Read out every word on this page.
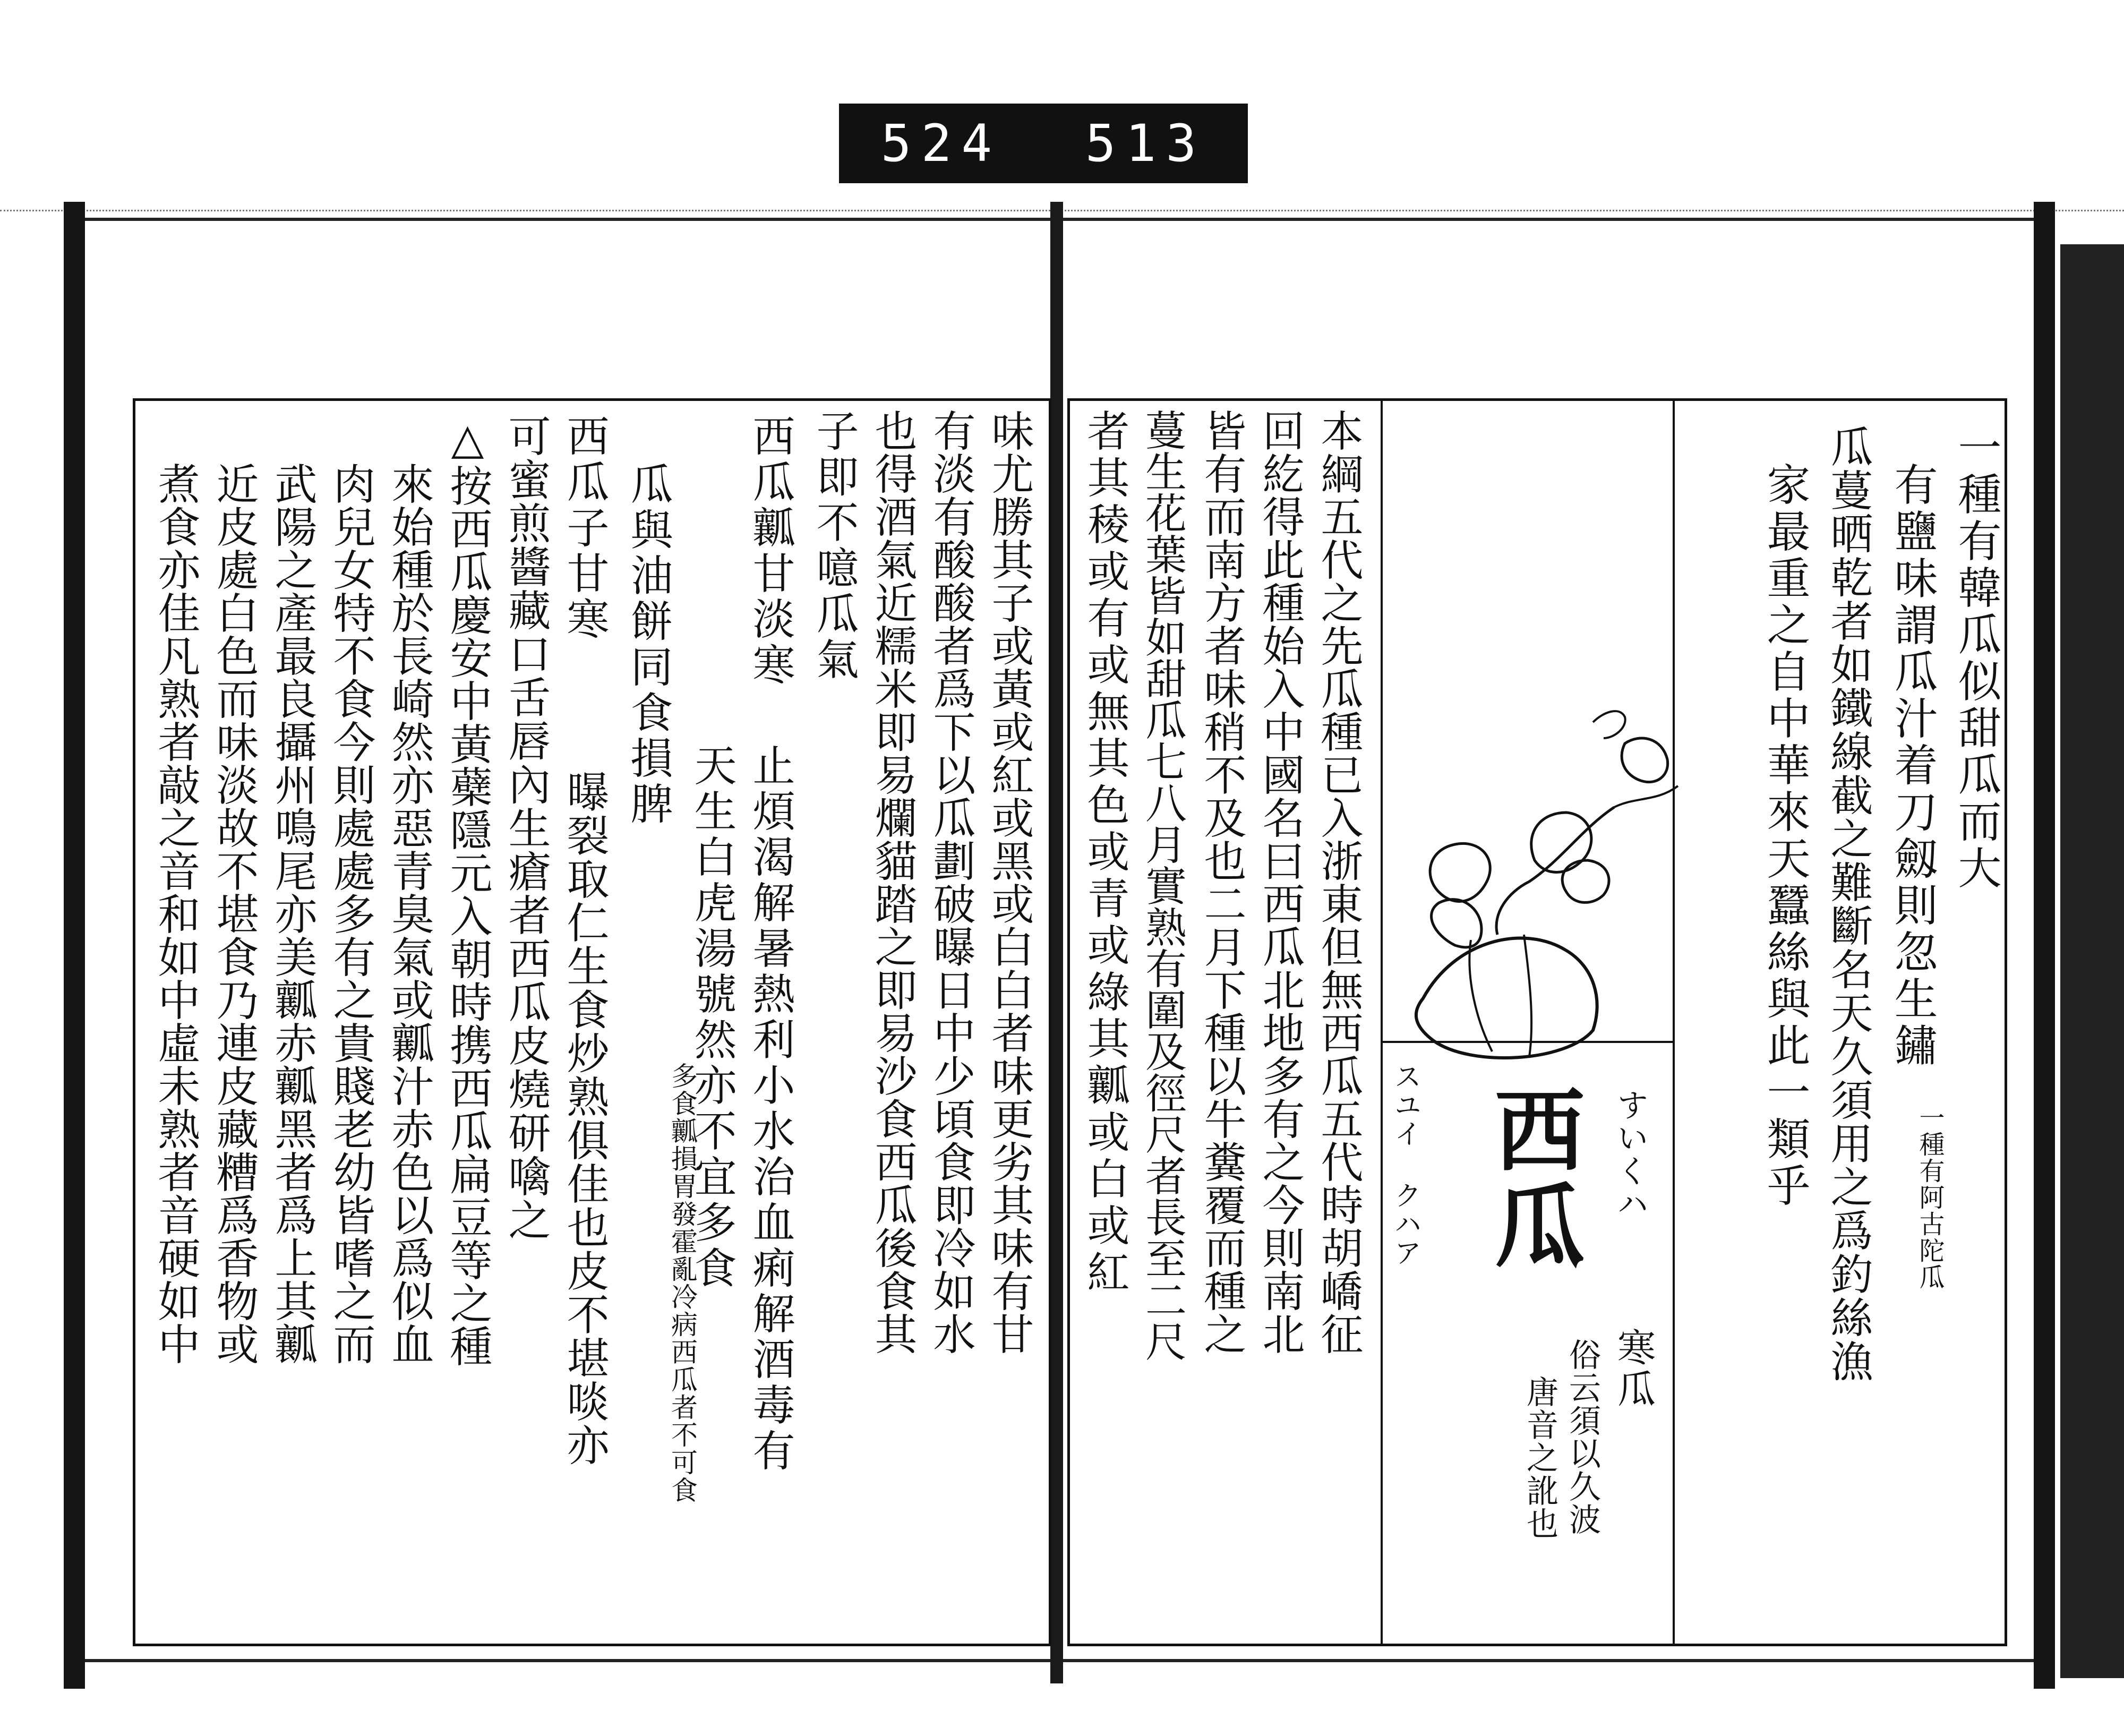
524 513
一種有韓瓜似甜瓜而大
有鹽味謂瓜汁着刀劔則忽生鏽
瓜蔓晒乾者如鐵線截之難斷名天久須用之爲釣絲漁
家最重之自中華來天蠶絲與此一類乎	一種有阿古陀瓜
西瓜 すいくハ
スユイ クハア
寒瓜
俗云須以久波
唐音之訛也
本綱五代之先瓜種已入浙東但無西瓜五代時胡嶠征
回紇得此種始入中國名曰西瓜北地多有之今則南北
皆有而南方者味稍不及也二月下種以牛糞覆而種之
蔓生花葉皆如甜瓜七八月實熟有圍及徑尺者長至二尺
者其稜或有或無其色或青或綠其瓤或白或紅
味尤勝其子或黃或紅或黑或白白者味更劣其味有甘
有淡有酸酸者爲下以瓜劃破曝日中少頃食即冷如水
也得酒氣近糯米即易爛貓踏之即易沙食西瓜後食其
子即不噫瓜氣
西瓜瓤甘淡寒
止煩渴解暑熱利小水治血痢解酒毒有
天生白虎湯號然亦不宜多食
多食瓤損胃發霍亂冷病西瓜者不可食
瓜與油餅同食損脾
西瓜子甘寒
曝裂取仁生食炒熟俱佳也皮不堪啖亦
可蜜煎醬藏口舌唇內生瘡者西瓜皮燒研噙之
△按西瓜慶安中黃蘗隱元入朝時携西瓜扁豆等之種
來始種於長崎然亦惡青臭氣或瓤汁赤色以爲似血
肉兒女特不食今則處處多有之貴賤老幼皆嗜之而
武陽之產最良攝州鳴尾亦美瓤赤瓤黑者爲上其瓤
近皮處白色而味淡故不堪食乃連皮藏糟爲香物或
煮食亦佳凡熟者敲之音和如中虛未熟者音硬如中
